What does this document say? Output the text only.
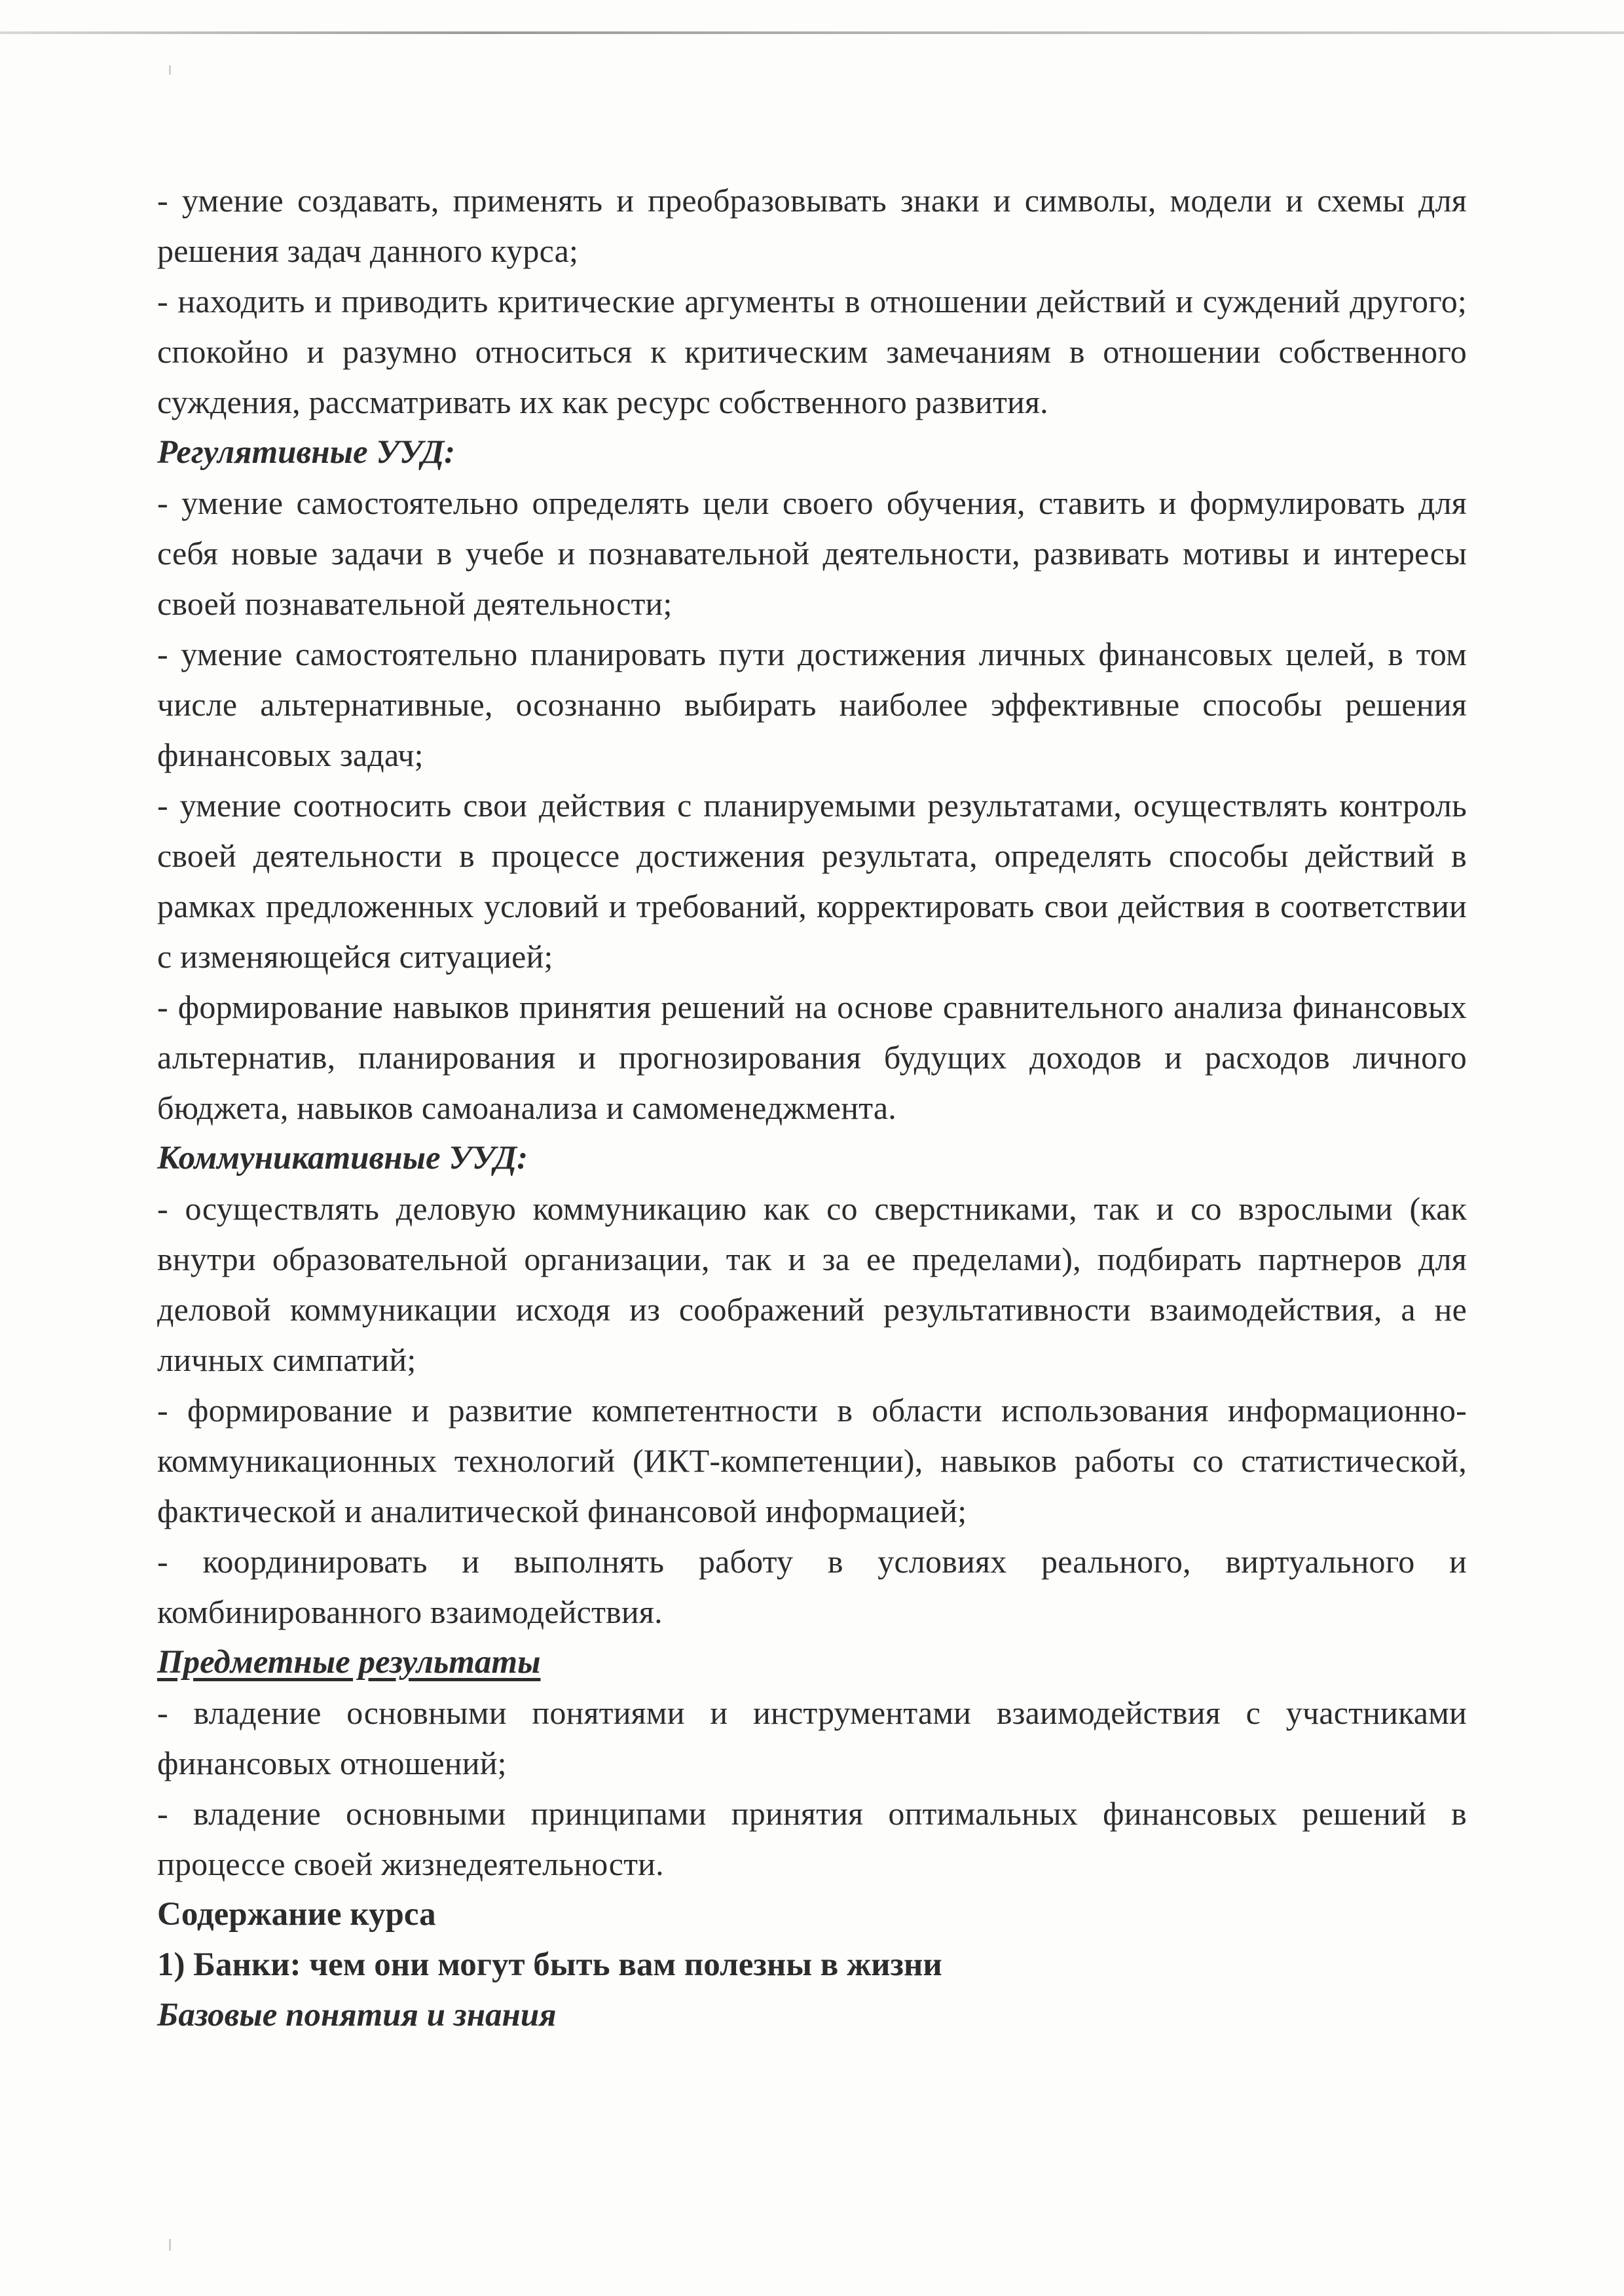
- умение создавать, применять и преобразовывать знаки и символы, модели и схемы для решения задач данного курса;

- находить и приводить критические аргументы в отношении действий и суждений другого; спокойно и разумно относиться к критическим замечаниям в отношении собственного суждения, рассматривать их как ресурс собственного развития.

Регулятивные УУД:

- умение самостоятельно определять цели своего обучения, ставить и формулировать для себя новые задачи в учебе и познавательной деятельности, развивать мотивы и интересы своей познавательной деятельности;

- умение самостоятельно планировать пути достижения личных финансовых целей, в том числе альтернативные, осознанно выбирать наиболее эффективные способы решения финансовых задач;

- умение соотносить свои действия с планируемыми результатами, осуществлять контроль своей деятельности в процессе достижения результата, определять способы действий в рамках предложенных условий и требований, корректировать свои действия в соответствии с изменяющейся ситуацией;

- формирование навыков принятия решений на основе сравнительного анализа финансовых альтернатив, планирования и прогнозирования будущих доходов и расходов личного бюджета, навыков самоанализа и самоменеджмента.

Коммуникативные УУД:

- осуществлять деловую коммуникацию как со сверстниками, так и со взрослыми (как внутри образовательной организации, так и за ее пределами), подбирать партнеров для деловой коммуникации исходя из соображений результативности взаимодействия, а не личных симпатий;

- формирование и развитие компетентности в области использования информационно-коммуникационных технологий (ИКТ-компетенции), навыков работы со статистической, фактической и аналитической финансовой информацией;

- координировать и выполнять работу в условиях реального, виртуального и комбинированного взаимодействия.

Предметные результаты

- владение основными понятиями и инструментами взаимодействия с участниками финансовых отношений;

- владение основными принципами принятия оптимальных финансовых решений в процессе своей жизнедеятельности.

Содержание курса

1) Банки: чем они могут быть вам полезны в жизни

Базовые понятия и знания
